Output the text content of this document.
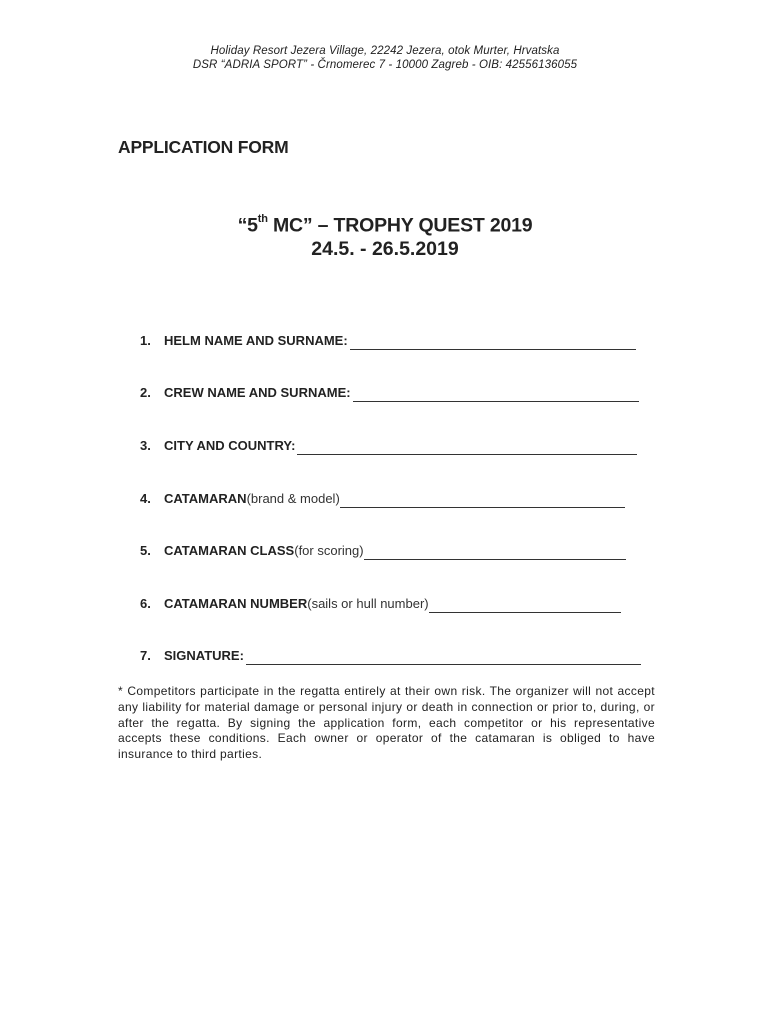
Holiday Resort Jezera Village, 22242 Jezera, otok Murter, Hrvatska
DSR “ADRIA SPORT” - Črnomerec 7 - 10000 Zagreb - OIB: 42556136055
APPLICATION FORM
“5th MC” – TROPHY QUEST 2019
24.5. - 26.5.2019
1.	HELM NAME AND SURNAME:
2.	CREW NAME AND SURNAME:
3.	CITY AND COUNTRY:
4.	CATAMARAN (brand & model)
5.	CATAMARAN CLASS (for scoring)
6.	CATAMARAN NUMBER (sails or hull number)
7.	SIGNATURE:
* Competitors participate in the regatta entirely at their own risk. The organizer will not accept any liability for material damage or personal injury or death in connection or prior to, during, or after the regatta. By signing the application form, each competitor or his representative accepts these conditions. Each owner or operator of the catamaran is obliged to have insurance to third parties.
